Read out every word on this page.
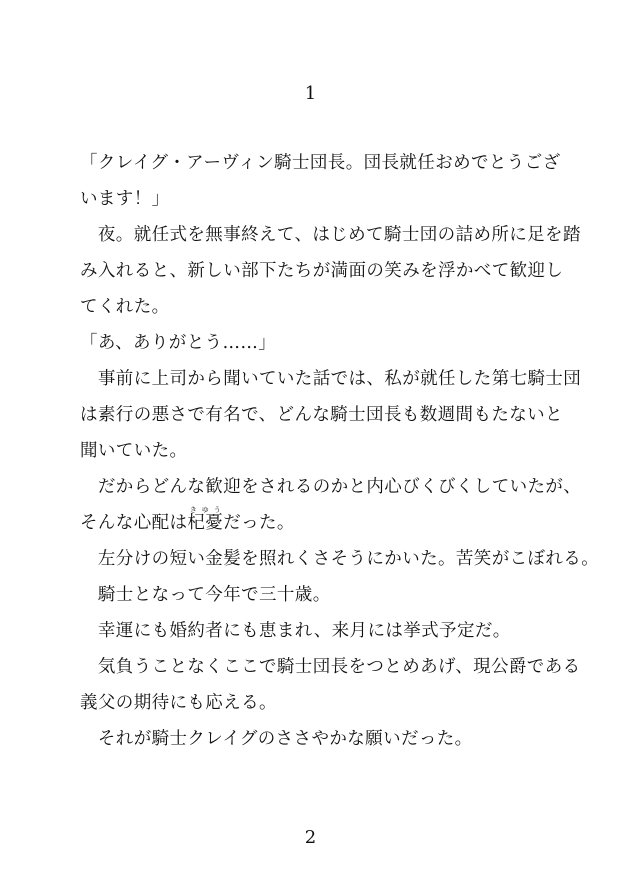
1
「クレイグ・アーヴィン騎士団長。団長就任おめでとうござ
います！」
　夜。就任式を無事終えて、はじめて騎士団の詰め所に足を踏
み入れると、新しい部下たちが満面の笑みを浮かべて歓迎し
てくれた。
「あ、ありがとう……」
　事前に上司から聞いていた話では、私が就任した第七騎士団
は素行の悪さで有名で、どんな騎士団長も数週間もたないと
聞いていた。
　だからどんな歓迎をされるのかと内心びくびくしていたが、
そんな心配は杞憂きゆうだった。
　左分けの短い金髪を照れくさそうにかいた。苦笑がこぼれる。
　騎士となって今年で三十歳。
　幸運にも婚約者にも恵まれ、来月には挙式予定だ。
　気負うことなくここで騎士団長をつとめあげ、現公爵である
義父の期待にも応える。
　それが騎士クレイグのささやかな願いだった。
2
